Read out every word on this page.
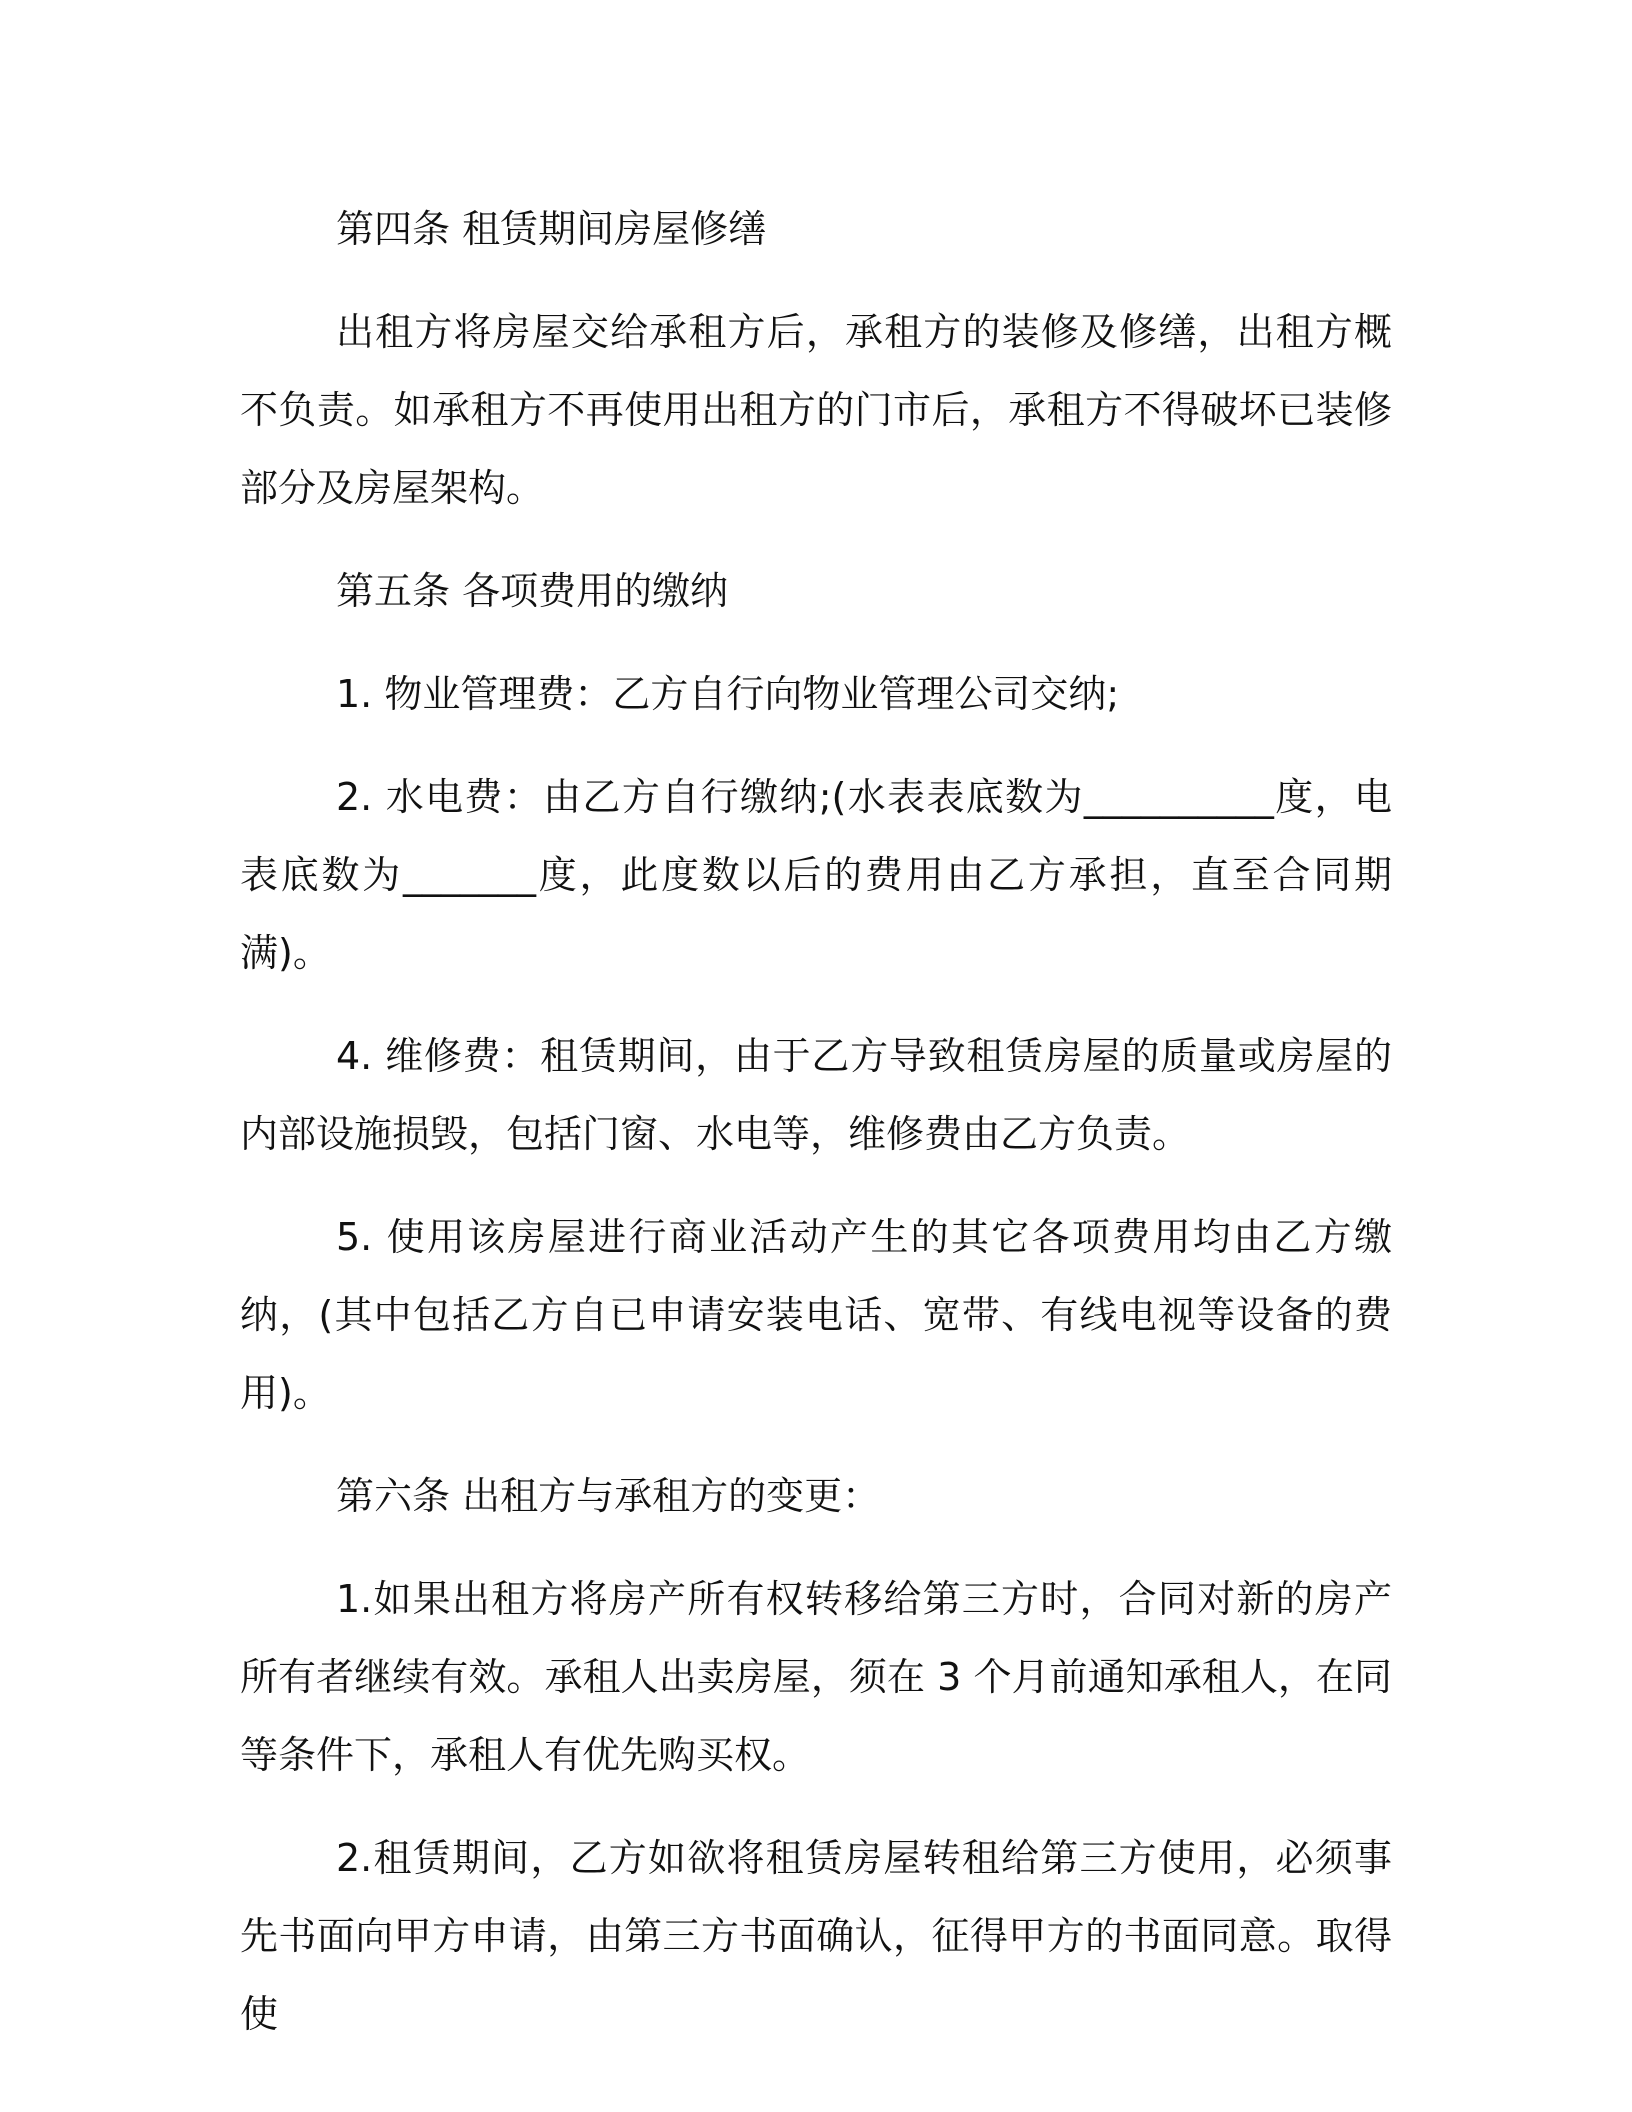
第四条 租赁期间房屋修缮

出租方将房屋交给承租方后，承租方的装修及修缮，出租方概不负责。如承租方不再使用出租方的门市后，承租方不得破坏已装修部分及房屋架构。

第五条 各项费用的缴纳

1. 物业管理费：乙方自行向物业管理公司交纳;

2. 水电费：由乙方自行缴纳;(水表表底数为__________度，电表底数为_______度，此度数以后的费用由乙方承担，直至合同期满)。

4. 维修费：租赁期间，由于乙方导致租赁房屋的质量或房屋的内部设施损毁，包括门窗、水电等，维修费由乙方负责。

5. 使用该房屋进行商业活动产生的其它各项费用均由乙方缴纳，(其中包括乙方自已申请安装电话、宽带、有线电视等设备的费用)。

第六条 出租方与承租方的变更：

1.如果出租方将房产所有权转移给第三方时，合同对新的房产所有者继续有效。承租人出卖房屋，须在 3 个月前通知承租人，在同等条件下，承租人有优先购买权。

2.租赁期间，乙方如欲将租赁房屋转租给第三方使用，必须事先书面向甲方申请，由第三方书面确认，征得甲方的书面同意。取得使
